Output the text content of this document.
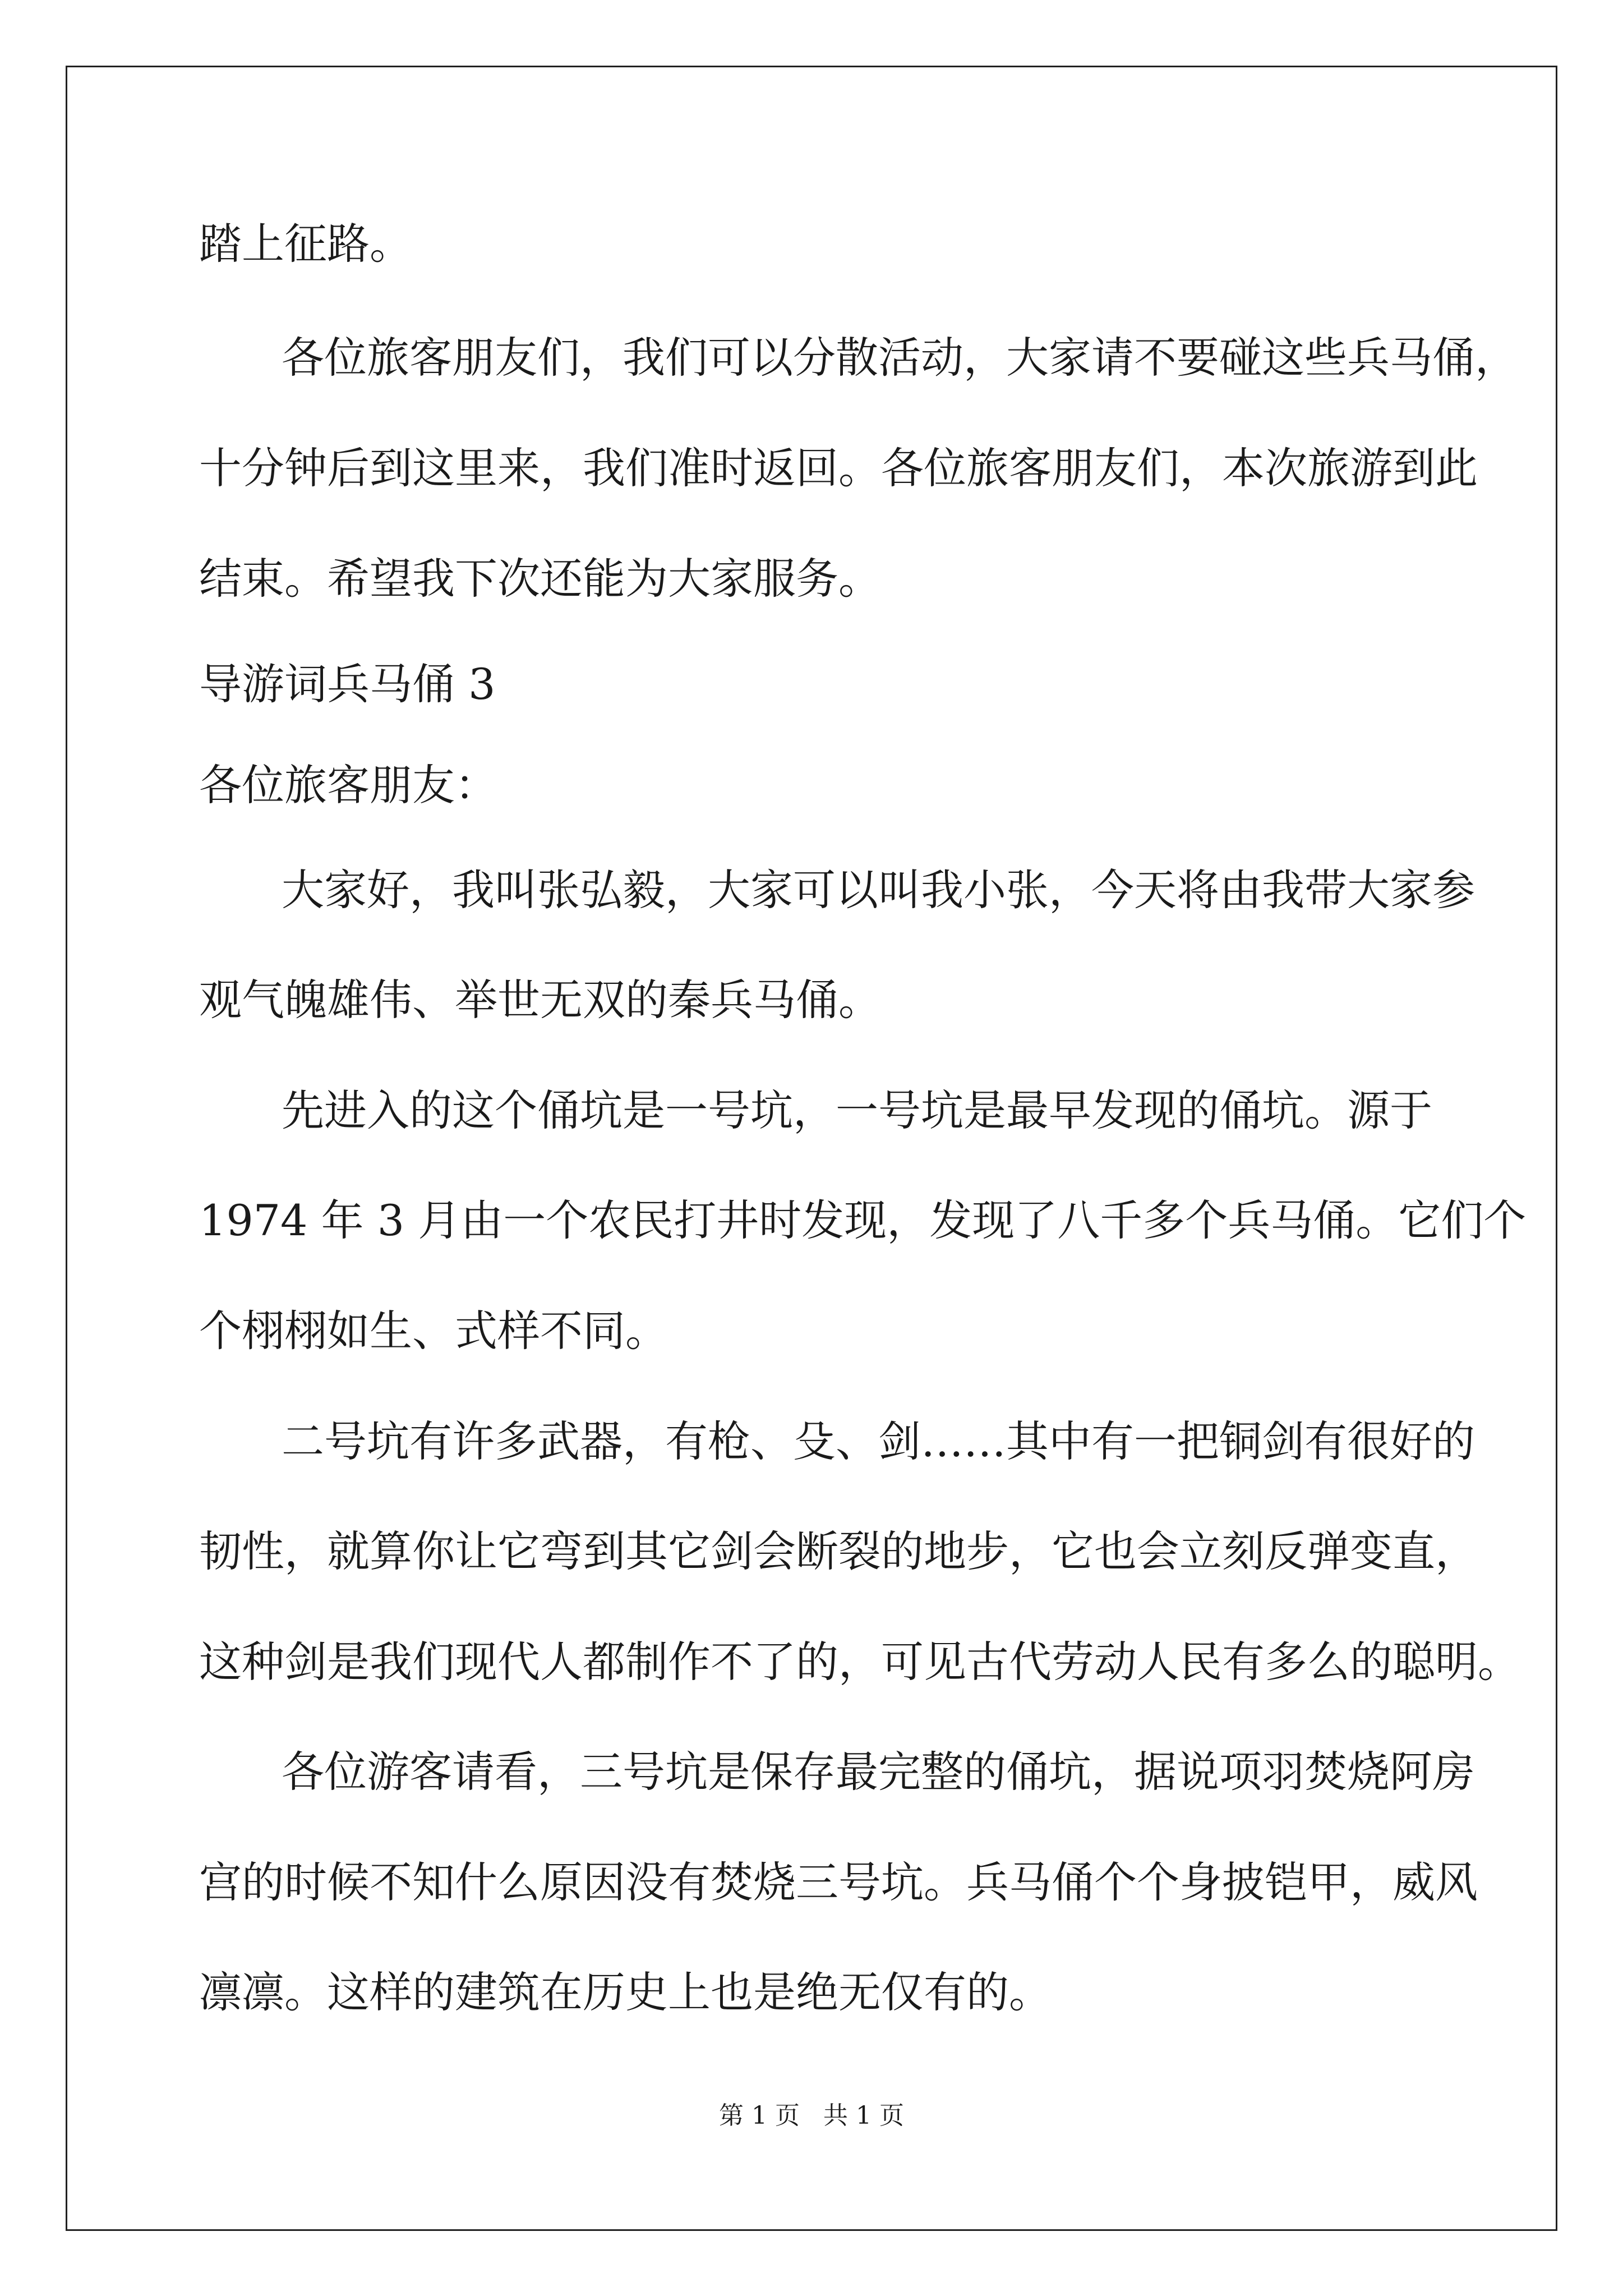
踏上征路。
各位旅客朋友们，我们可以分散活动，大家请不要碰这些兵马俑，
十分钟后到这里来，我们准时返回。各位旅客朋友们，本次旅游到此
结束。希望我下次还能为大家服务。
导游词兵马俑 3
各位旅客朋友：
大家好，我叫张弘毅，大家可以叫我小张，今天将由我带大家参
观气魄雄伟、举世无双的秦兵马俑。
先进入的这个俑坑是一号坑，一号坑是最早发现的俑坑。源于
1974 年 3 月由一个农民打井时发现，发现了八千多个兵马俑。它们个
个栩栩如生、式样不同。
二号坑有许多武器，有枪、殳、剑……其中有一把铜剑有很好的
韧性，就算你让它弯到其它剑会断裂的地步，它也会立刻反弹变直，
这种剑是我们现代人都制作不了的，可见古代劳动人民有多么的聪明。
各位游客请看，三号坑是保存最完整的俑坑，据说项羽焚烧阿房
宫的时候不知什么原因没有焚烧三号坑。兵马俑个个身披铠甲，威风
凛凛。这样的建筑在历史上也是绝无仅有的。
第 1 页   共 1 页
